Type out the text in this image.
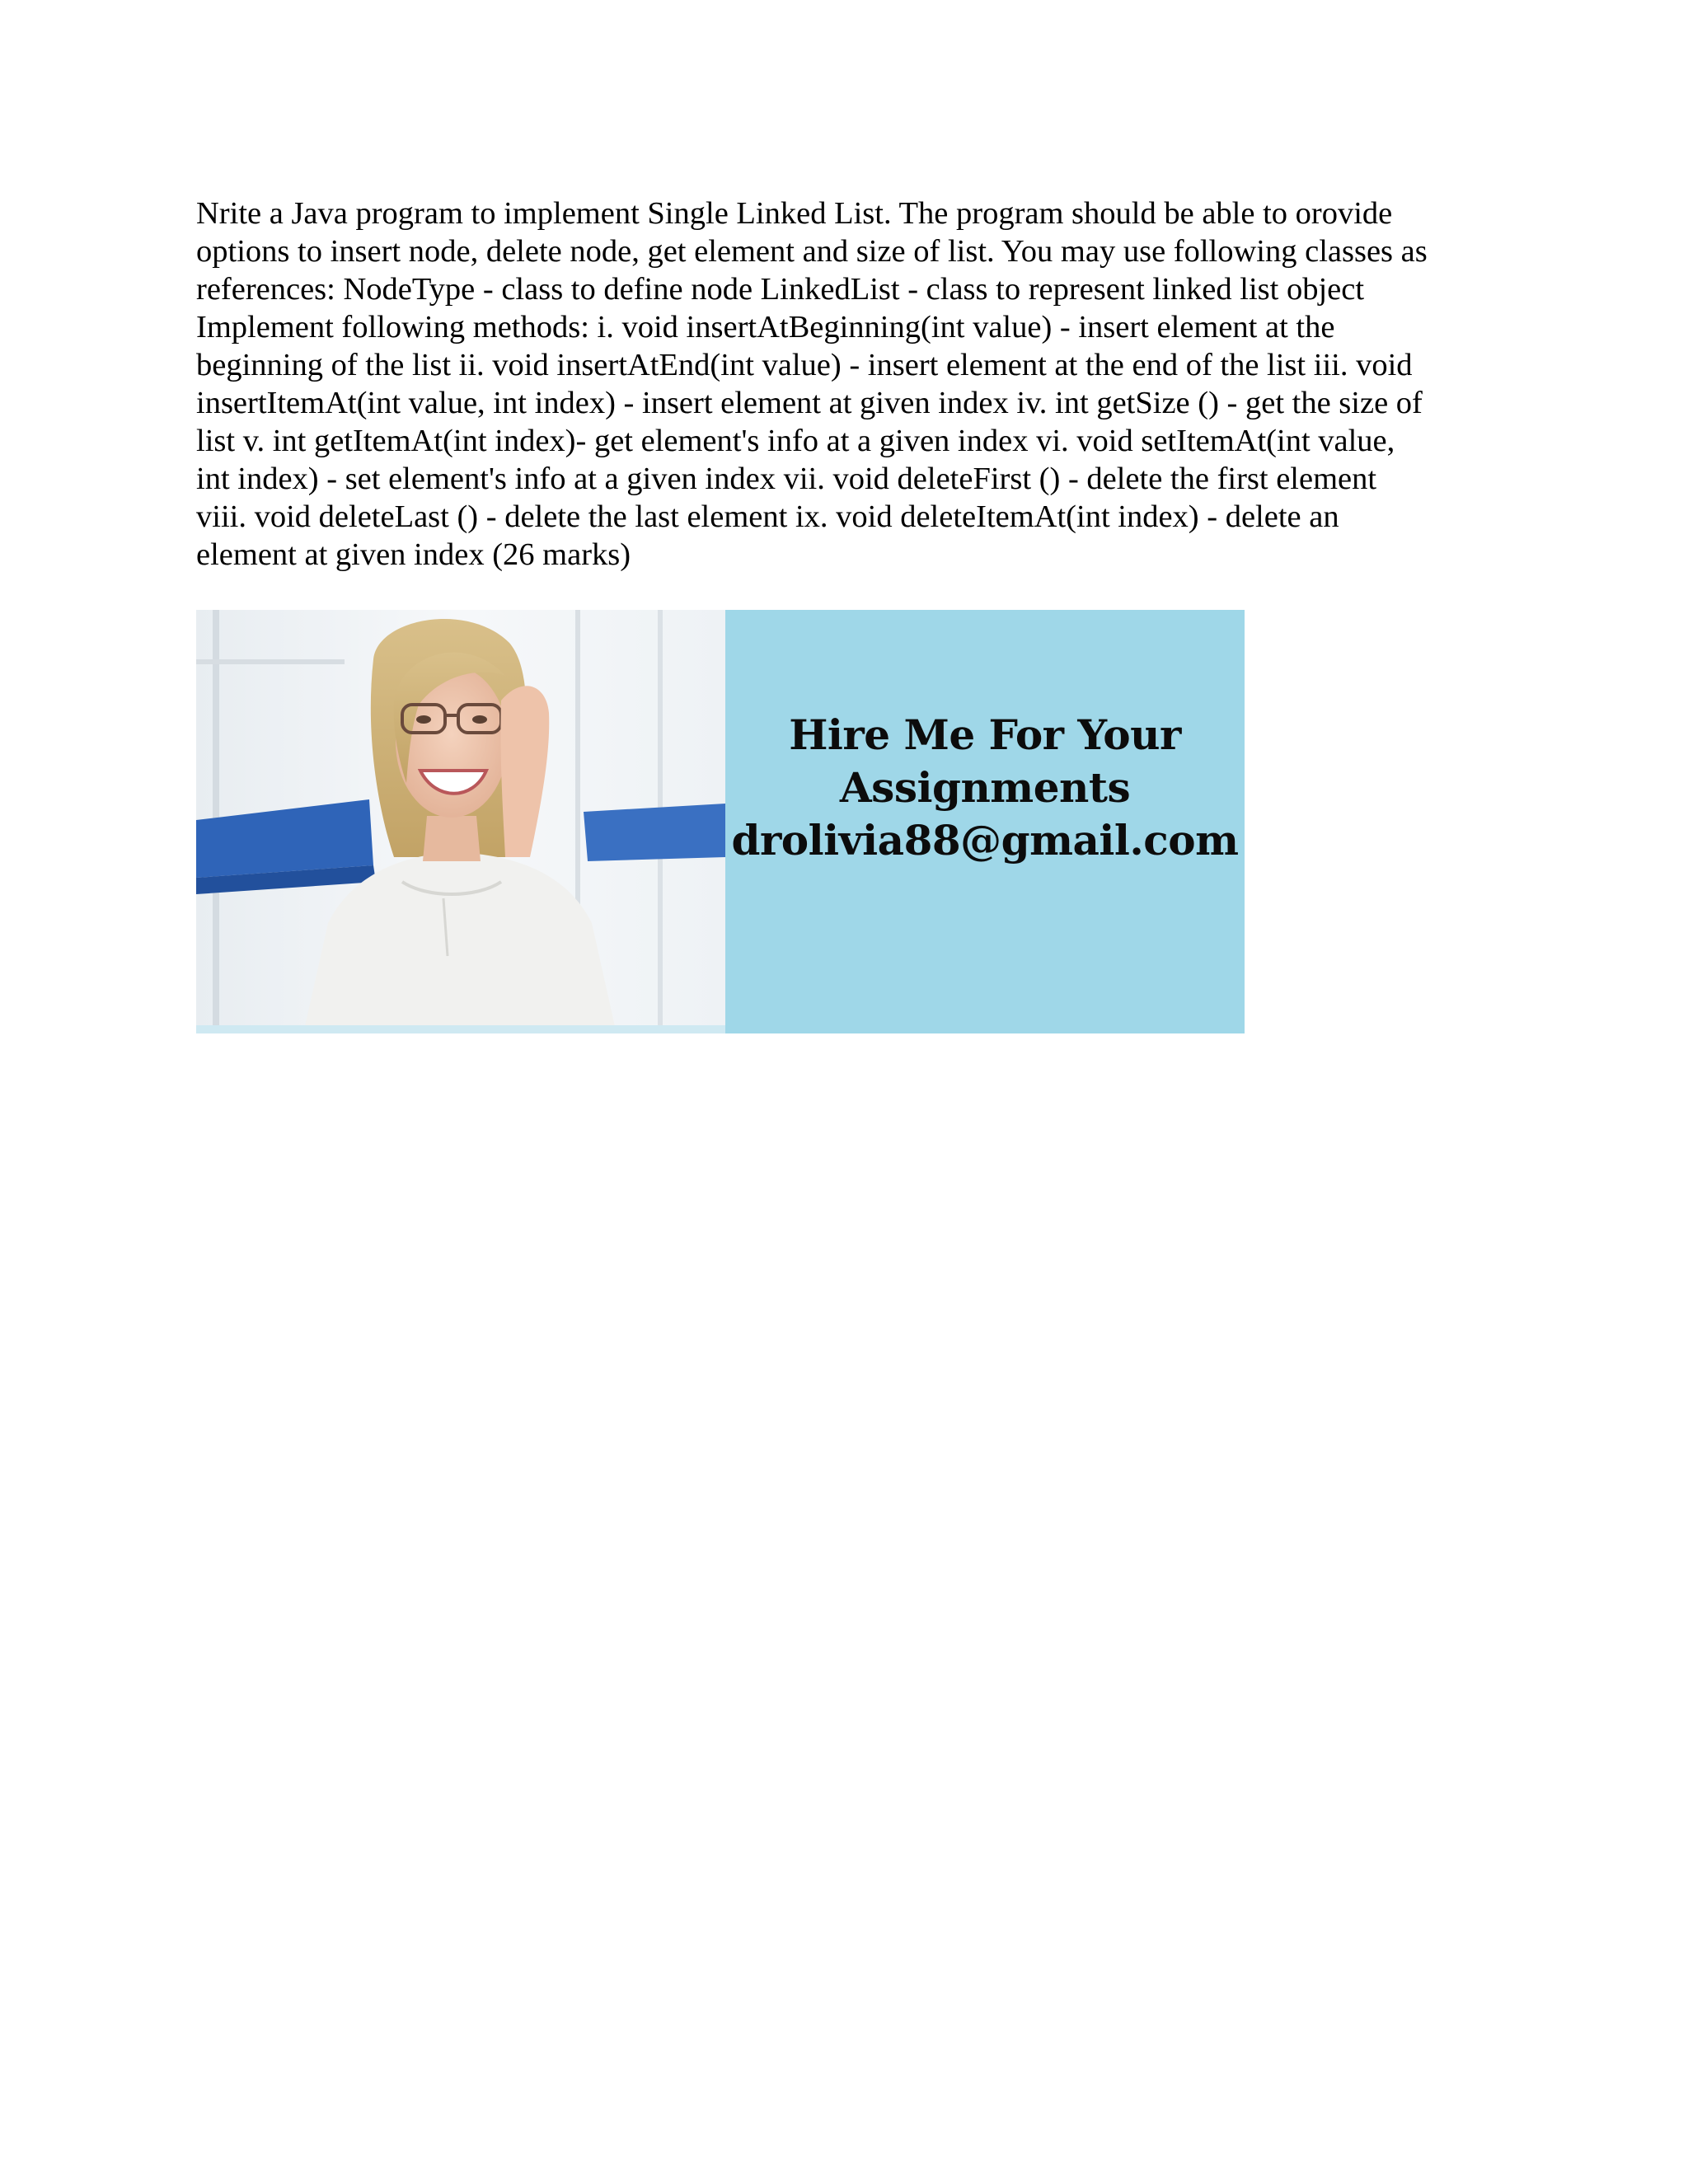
Nrite a Java program to implement Single Linked List. The program should be able to orovide
options to insert node, delete node, get element and size of list. You may use following classes as
references: NodeType - class to define node LinkedList - class to represent linked list object
Implement following methods: i. void insertAtBeginning(int value) - insert element at the
beginning of the list ii. void insertAtEnd(int value) - insert element at the end of the list iii. void
insertItemAt(int value, int index) - insert element at given index iv. int getSize () - get the size of
list v. int getItemAt(int index)- get element's info at a given index vi. void setItemAt(int value,
int index) - set element's info at a given index vii. void deleteFirst () - delete the first element
viii. void deleteLast () - delete the last element ix. void deleteItemAt(int index) - delete an
element at given index (26 marks)
Hire Me For Your
Assignments
drolivia88@gmail.com
